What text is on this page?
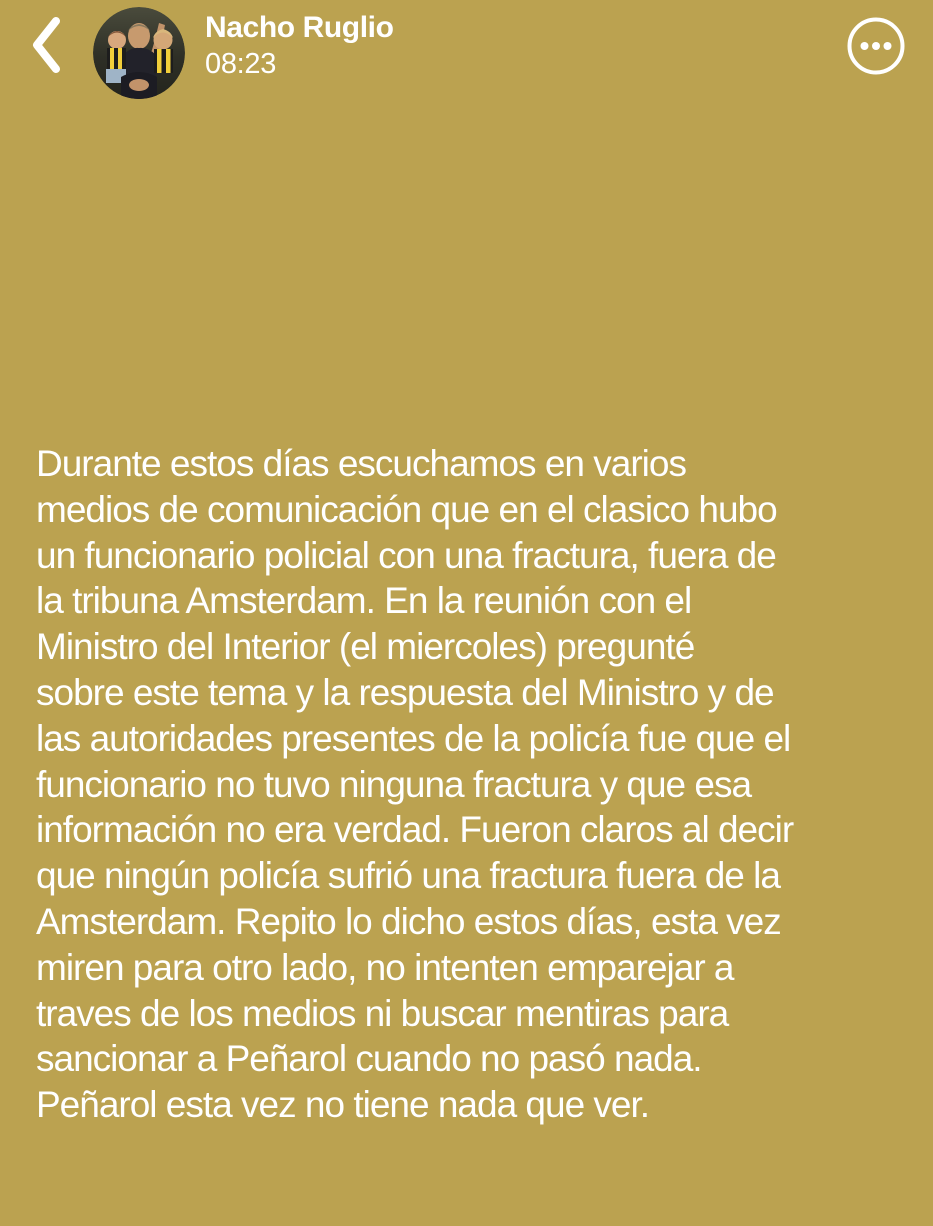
Nacho Ruglio
08:23
Durante estos días escuchamos en varios
medios de comunicación que en el clasico hubo
un funcionario policial con una fractura, fuera de
la tribuna Amsterdam. En la reunión con el
Ministro del Interior (el miercoles) pregunté
sobre este tema y la respuesta del Ministro y de
las autoridades presentes de la policía fue que el
funcionario no tuvo ninguna fractura y que esa
información no era verdad. Fueron claros al decir
que ningún policía sufrió una fractura fuera de la
Amsterdam. Repito lo dicho estos días, esta vez
miren para otro lado, no intenten emparejar a
traves de los medios ni buscar mentiras para
sancionar a Peñarol cuando no pasó nada.
Peñarol esta vez no tiene nada que ver.
